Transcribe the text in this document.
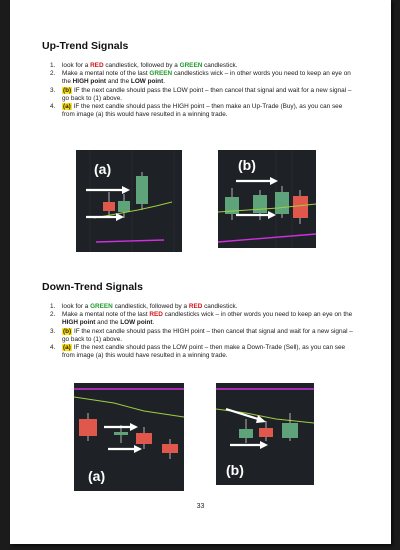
Up-Trend Signals
1. look for a RED candlestick, followed by a GREEN candlestick.
2. Make a mental note of the last GREEN candlesticks wick – in other words you need to keep an eye on the HIGH point and the LOW point.
3. (b) IF the next candle should pass the LOW point – then cancel that signal and wait for a new signal – go back to (1) above.
4. (a) IF the next candle should pass the HIGH point – then make an Up-Trade (Buy), as you can see from image (a) this would have resulted in a winning trade.
(a)	(b)
Down-Trend Signals
1. look for a GREEN candlestick, followed by a RED candlestick.
2. Make a mental note of the last RED candlesticks wick – in other words you need to keep an eye on the HIGH point and the LOW point.
3. (b) IF the next candle should pass the HIGH point – then cancel that signal and wait for a new signal – go back to (1) above.
4. (a) IF the next candle should pass the LOW point – then make a Down-Trade (Sell), as you can see from image (a) this would have resulted in a winning trade.
(a)	(b)
33
